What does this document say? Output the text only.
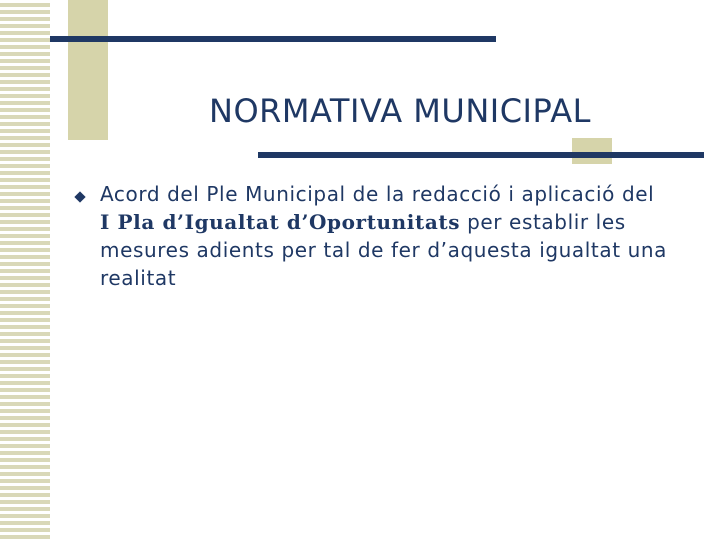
NORMATIVA MUNICIPAL
Acord del Ple Municipal de la redacció i aplicació del I Pla d’Igualtat d’Oportunitats per establir les mesures adients per tal de fer d’aquesta igualtat una realitat
